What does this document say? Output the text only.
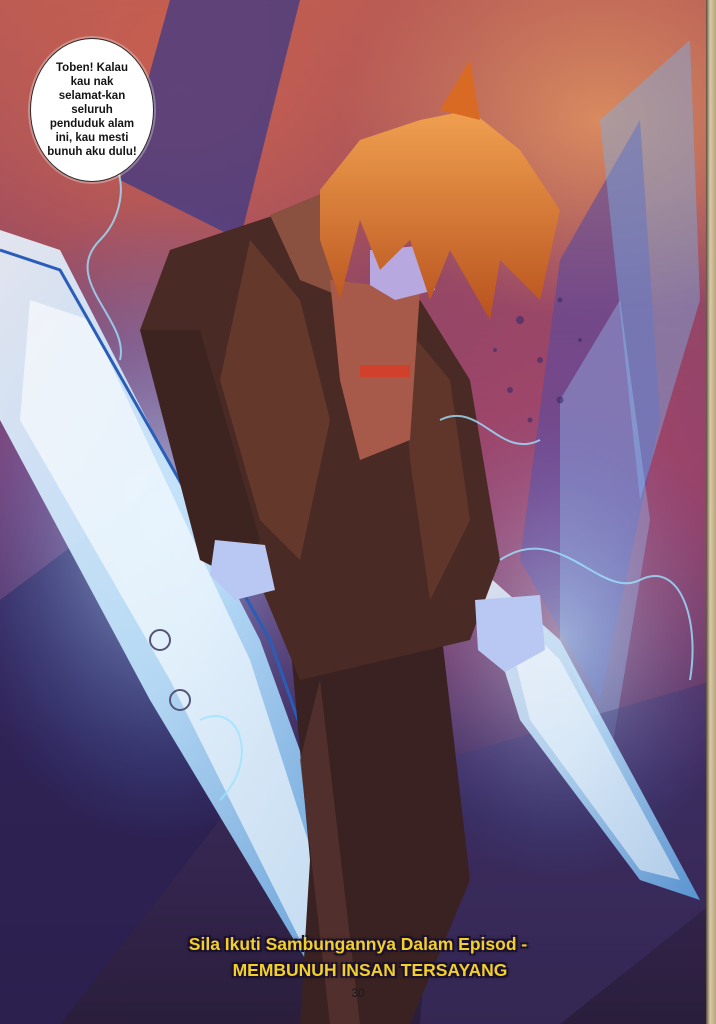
Toben! Kalau kau nak selamat-kan seluruh penduduk alam ini, kau mesti bunuh aku dulu!
Sila Ikuti Sambungannya Dalam Episod -
MEMBUNUH INSAN TERSAYANG
30
